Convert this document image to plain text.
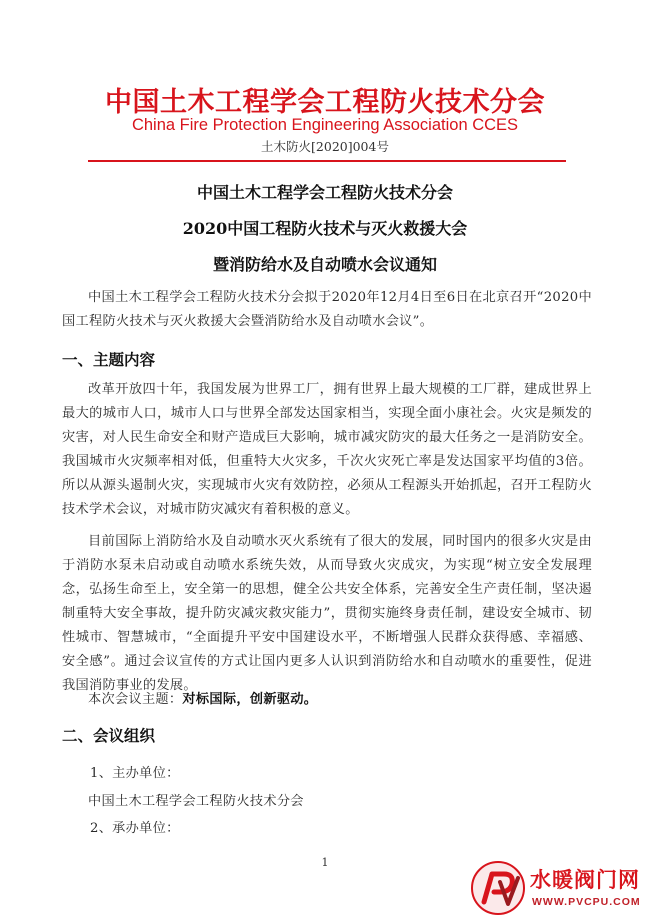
中国土木工程学会工程防火技术分会
China Fire Protection Engineering Association CCES
土木防火[2020]004号
中国土木工程学会工程防火技术分会
2020中国工程防火技术与灭火救援大会
暨消防给水及自动喷水会议通知
中国土木工程学会工程防火技术分会拟于2020年12月4日至6日在北京召开“2020中国工程防火技术与灭火救援大会暨消防给水及自动喷水会议”。
一、主题内容
改革开放四十年，我国发展为世界工厂，拥有世界上最大规模的工厂群，建成世界上最大的城市人口，城市人口与世界全部发达国家相当，实现全面小康社会。火灾是频发的灾害，对人民生命安全和财产造成巨大影响，城市减灾防灾的最大任务之一是消防安全。我国城市火灾频率相对低，但重特大火灾多，千次火灾死亡率是发达国家平均值的3倍。所以从源头遏制火灾，实现城市火灾有效防控，必须从工程源头开始抓起，召开工程防火技术学术会议，对城市防灾减灾有着积极的意义。
目前国际上消防给水及自动喷水灭火系统有了很大的发展，同时国内的很多火灾是由于消防水泵未启动或自动喷水系统失效，从而导致火灾成灾，为实现“树立安全发展理念，弘扬生命至上，安全第一的思想，健全公共安全体系，完善安全生产责任制，坚决遏制重特大安全事故，提升防灾减灾救灾能力”，贯彻实施终身责任制，建设安全城市、韧性城市、智慧城市，“全面提升平安中国建设水平，不断增强人民群众获得感、幸福感、安全感”。通过会议宣传的方式让国内更多人认识到消防给水和自动喷水的重要性，促进我国消防事业的发展。
本次会议主题：对标国际，创新驱动。
二、会议组织
1、主办单位：
中国土木工程学会工程防火技术分会
2、承办单位：
1
水暖阀门网
WWW.PVCPU.COM
